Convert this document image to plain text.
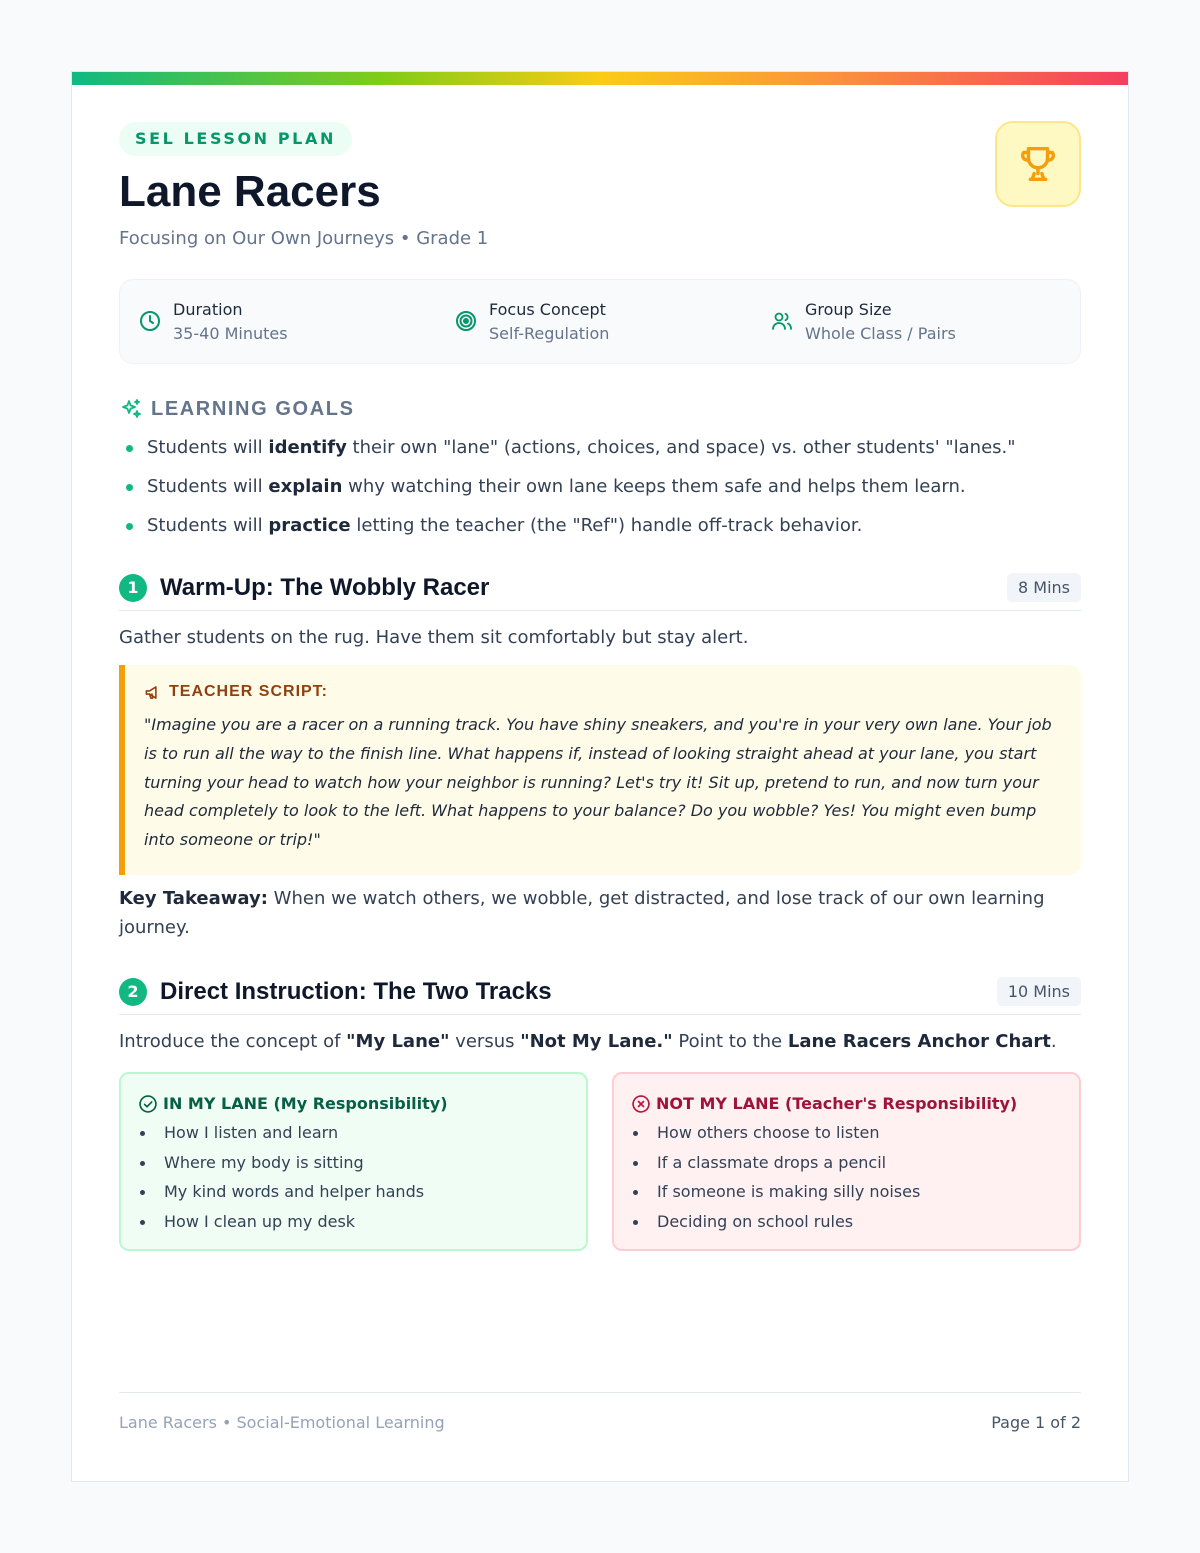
SEL LESSON PLAN
Lane Racers
Focusing on Our Own Journeys • Grade 1
Duration
35-40 Minutes
Focus Concept
Self-Regulation
Group Size
Whole Class / Pairs
LEARNING GOALS
Students will identify their own "lane" (actions, choices, and space) vs. other students' "lanes."
Students will explain why watching their own lane keeps them safe and helps them learn.
Students will practice letting the teacher (the "Ref") handle off-track behavior.
1 Warm-Up: The Wobbly Racer	8 Mins
Gather students on the rug. Have them sit comfortably but stay alert.
TEACHER SCRIPT:
"Imagine you are a racer on a running track. You have shiny sneakers, and you're in your very own lane. Your job is to run all the way to the finish line. What happens if, instead of looking straight ahead at your lane, you start turning your head to watch how your neighbor is running? Let's try it! Sit up, pretend to run, and now turn your head completely to look to the left. What happens to your balance? Do you wobble? Yes! You might even bump into someone or trip!"
Key Takeaway: When we watch others, we wobble, get distracted, and lose track of our own learning journey.
2 Direct Instruction: The Two Tracks	10 Mins
Introduce the concept of "My Lane" versus "Not My Lane." Point to the Lane Racers Anchor Chart.
IN MY LANE (My Responsibility)
How I listen and learn
Where my body is sitting
My kind words and helper hands
How I clean up my desk
NOT MY LANE (Teacher's Responsibility)
How others choose to listen
If a classmate drops a pencil
If someone is making silly noises
Deciding on school rules
Lane Racers • Social-Emotional Learning	Page 1 of 2
